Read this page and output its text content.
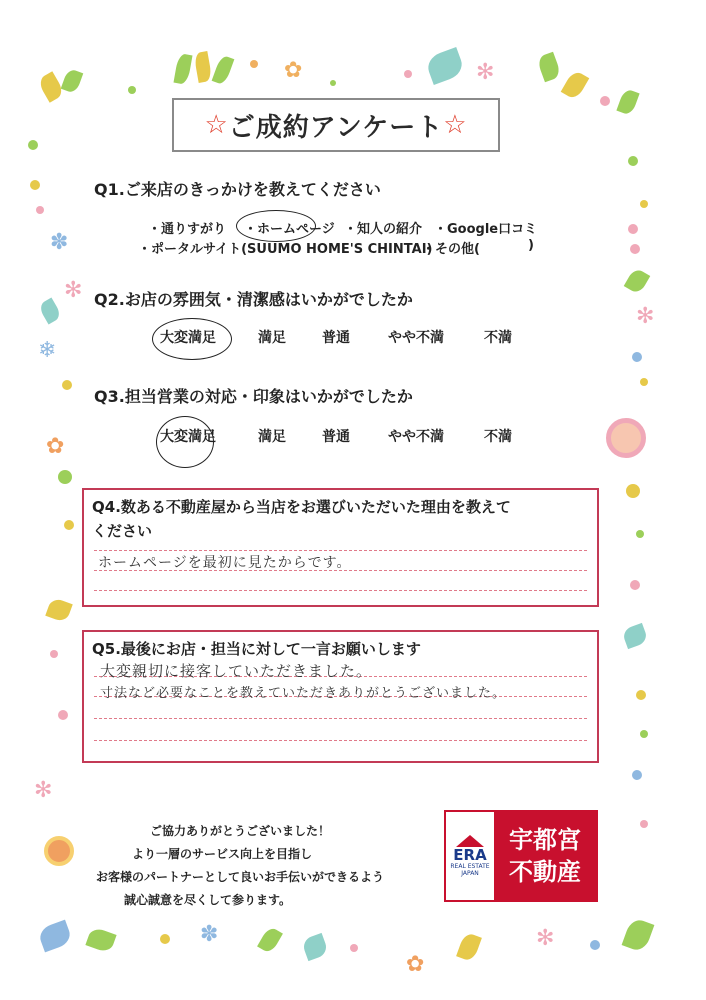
✿	✻
✽
✻
❄
✿
✻
✻
✽
✿
✻
☆ ご成約アンケート ☆
Q1.ご来店のきっかけを教えてください
・通りすがり ・ホームページ ・知人の紹介 ・Google口コミ
・ポータルサイト(SUUMO HOME'S CHINTAI)
・その他(	)
Q2.お店の雰囲気・清潔感はいかがでしたか
大変満足	満足	普通	やや不満	不満
Q3.担当営業の対応・印象はいかがでしたか
大変満足	満足	普通	やや不満	不満
Q4.数ある不動産屋から当店をお選びいただいた理由を教えて
ください
ホームページを最初に見たからです。
Q5.最後にお店・担当に対して一言お願いします
大変親切に接客していただきました。
寸法など必要なことを教えていただきありがとうございました。
ご協力ありがとうございました！
より一層のサービス向上を目指し
お客様のパートナーとして良いお手伝いができるよう
誠心誠意を尽くして参ります。
ERA
REAL ESTATE
JAPAN
宇都宮
不動産
